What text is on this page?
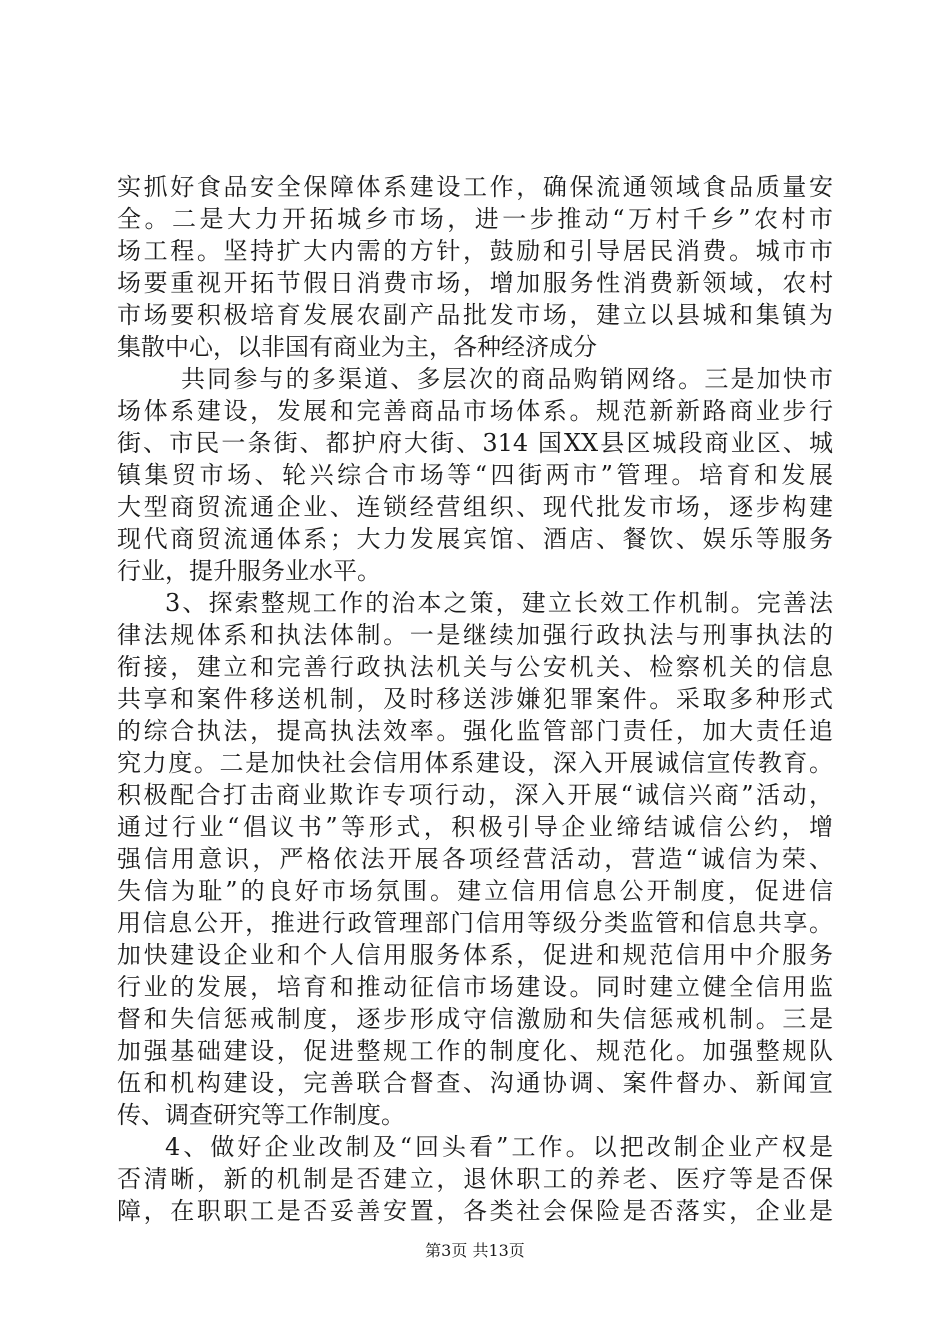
实抓好食品安全保障体系建设工作，确保流通领域食品质量安
全。二是大力开拓城乡市场，进一步推动“万村千乡”农村市
场工程。坚持扩大内需的方针，鼓励和引导居民消费。城市市
场要重视开拓节假日消费市场，增加服务性消费新领域，农村
市场要积极培育发展农副产品批发市场，建立以县城和集镇为
集散中心，以非国有商业为主，各种经济成分
共同参与的多渠道、多层次的商品购销网络。三是加快市
场体系建设，发展和完善商品市场体系。规范新新路商业步行
街、市民一条街、都护府大街、314 国XX县区城段商业区、城
镇集贸市场、轮兴综合市场等“四街两市”管理。培育和发展
大型商贸流通企业、连锁经营组织、现代批发市场，逐步构建
现代商贸流通体系；大力发展宾馆、酒店、餐饮、娱乐等服务
行业，提升服务业水平。
3、探索整规工作的治本之策，建立长效工作机制。完善法
律法规体系和执法体制。一是继续加强行政执法与刑事执法的
衔接，建立和完善行政执法机关与公安机关、检察机关的信息
共享和案件移送机制，及时移送涉嫌犯罪案件。采取多种形式
的综合执法，提高执法效率。强化监管部门责任，加大责任追
究力度。二是加快社会信用体系建设，深入开展诚信宣传教育。
积极配合打击商业欺诈专项行动，深入开展“诚信兴商”活动，
通过行业“倡议书”等形式，积极引导企业缔结诚信公约，增
强信用意识，严格依法开展各项经营活动，营造“诚信为荣、
失信为耻”的良好市场氛围。建立信用信息公开制度，促进信
用信息公开，推进行政管理部门信用等级分类监管和信息共享。
加快建设企业和个人信用服务体系，促进和规范信用中介服务
行业的发展，培育和推动征信市场建设。同时建立健全信用监
督和失信惩戒制度，逐步形成守信激励和失信惩戒机制。三是
加强基础建设，促进整规工作的制度化、规范化。加强整规队
伍和机构建设，完善联合督查、沟通协调、案件督办、新闻宣
传、调查研究等工作制度。
4、做好企业改制及“回头看”工作。以把改制企业产权是
否清晰，新的机制是否建立，退休职工的养老、医疗等是否保
障，在职职工是否妥善安置，各类社会保险是否落实，企业是
第3页 共13页
